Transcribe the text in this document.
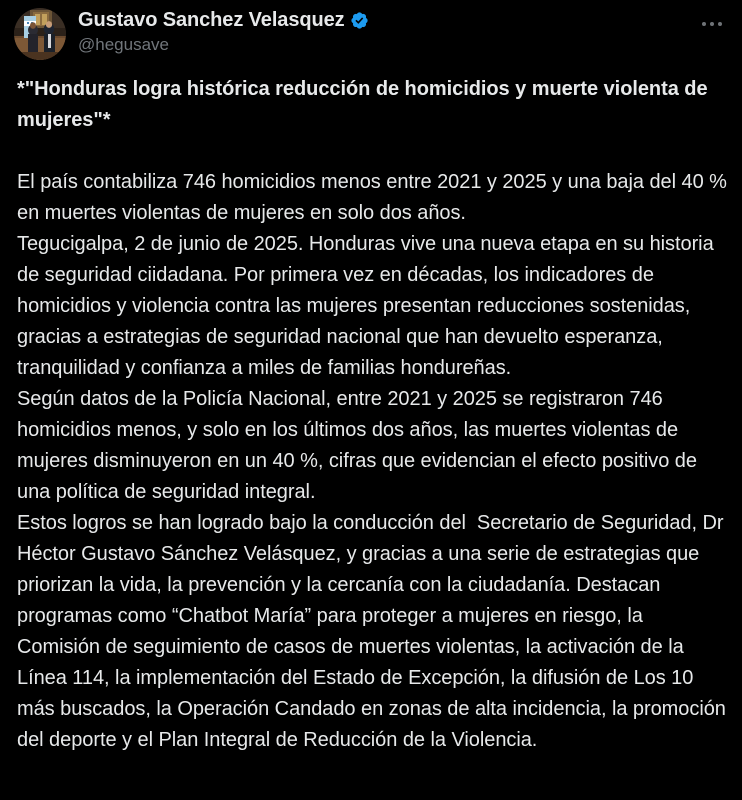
Gustavo Sanchez Velasquez
@hegusave
*"Honduras logra histórica reducción de homicidios y muerte violenta de mujeres"*

El país contabiliza 746 homicidios menos entre 2021 y 2025 y una baja del 40 % en muertes violentas de mujeres en solo dos años.

Tegucigalpa, 2 de junio de 2025. Honduras vive una nueva etapa en su historia de seguridad ciidadana. Por primera vez en décadas, los indicadores de homicidios y violencia contra las mujeres presentan reducciones sostenidas, gracias a estrategias de seguridad nacional que han devuelto esperanza, tranquilidad y confianza a miles de familias hondureñas.

Según datos de la Policía Nacional, entre 2021 y 2025 se registraron 746 homicidios menos, y solo en los últimos dos años, las muertes violentas de mujeres disminuyeron en un 40 %, cifras que evidencian el efecto positivo de una política de seguridad integral.

Estos logros se han logrado bajo la conducción del  Secretario de Seguridad, Dr Héctor Gustavo Sánchez Velásquez, y gracias a una serie de estrategias que priorizan la vida, la prevención y la cercanía con la ciudadanía. Destacan programas como “Chatbot María” para proteger a mujeres en riesgo, la Comisión de seguimiento de casos de muertes violentas, la activación de la Línea 114, la implementación del Estado de Excepción, la difusión de Los 10 más buscados, la Operación Candado en zonas de alta incidencia, la promoción del deporte y el Plan Integral de Reducción de la Violencia.
